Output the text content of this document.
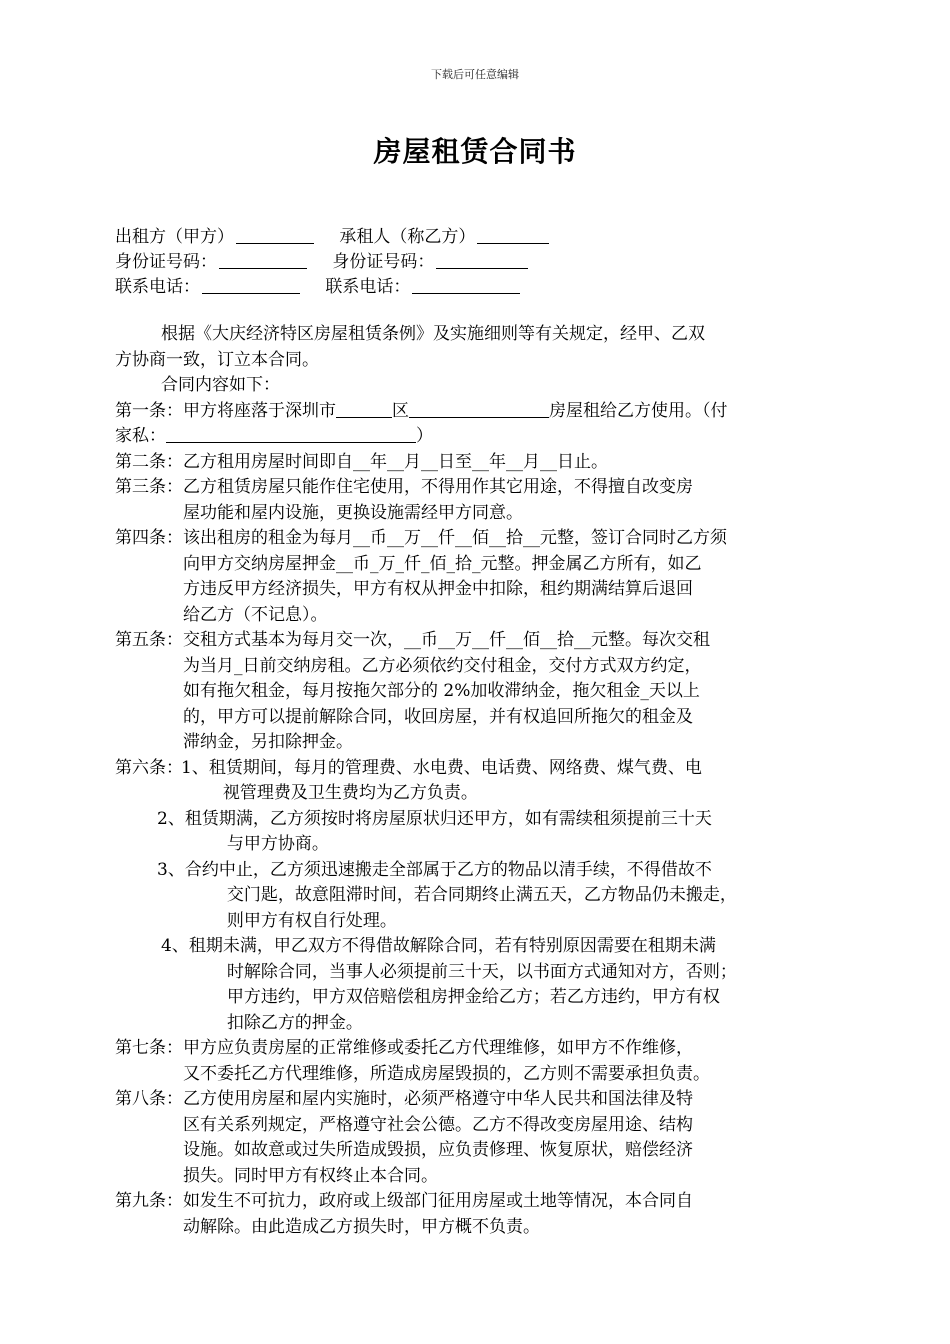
下载后可任意编辑
房屋租赁合同书
出租方（甲方）	承租人（称乙方）
身份证号码：	身份证号码：
联系电话：	联系电话：
根据《大庆经济特区房屋租赁条例》及实施细则等有关规定，经甲、乙双
方协商一致，订立本合同。
合同内容如下：
第一条：甲方将座落于深圳市	区	房屋租给乙方使用。（付
家私：	）
第二条： 乙方租用房屋时间即自__年__月__日至__年__月__日止。
第三条： 乙方租赁房屋只能作住宅使用，不得用作其它用途，不得擅自改变房
屋功能和屋内设施，更换设施需经甲方同意。
第四条： 该出租房的租金为每月__币__万__仟__佰__拾__元整，签订合同时乙方须
向甲方交纳房屋押金__币_万_仟_佰_拾_元整。押金属乙方所有，如乙
方违反甲方经济损失，甲方有权从押金中扣除，租约期满结算后退回
给乙方（不记息）。
第五条： 交租方式基本为每月交一次，__币__万__仟__佰__拾__元整。每次交租
为当月_日前交纳房租。乙方必须依约交付租金，交付方式双方约定，
如有拖欠租金，每月按拖欠部分的 2%加收滞纳金，拖欠租金_天以上
的，甲方可以提前解除合同，收回房屋，并有权追回所拖欠的租金及
滞纳金，另扣除押金。
第六条：
1、 租赁期间，每月的管理费、水电费、电话费、网络费、煤气费、电
视管理费及卫生费均为乙方负责。
2、 租赁期满，乙方须按时将房屋原状归还甲方，如有需续租须提前三十天
与甲方协商。
3、 合约中止，乙方须迅速搬走全部属于乙方的物品以清手续，不得借故不
交门匙，故意阻滞时间，若合同期终止满五天，乙方物品仍未搬走，
则甲方有权自行处理。
4、 租期未满，甲乙双方不得借故解除合同，若有特别原因需要在租期未满
时解除合同，当事人必须提前三十天，以书面方式通知对方，否则；
甲方违约，甲方双倍赔偿租房押金给乙方；若乙方违约，甲方有权
扣除乙方的押金。
第七条： 甲方应负责房屋的正常维修或委托乙方代理维修，如甲方不作维修，
又不委托乙方代理维修，所造成房屋毁损的，乙方则不需要承担负责。
第八条： 乙方使用房屋和屋内实施时，必须严格遵守中华人民共和国法律及特
区有关系列规定，严格遵守社会公德。乙方不得改变房屋用途、结构
设施。如故意或过失所造成毁损，应负责修理、恢复原状，赔偿经济
损失。同时甲方有权终止本合同。
第九条： 如发生不可抗力，政府或上级部门征用房屋或土地等情况，本合同自
动解除。由此造成乙方损失时，甲方概不负责。
